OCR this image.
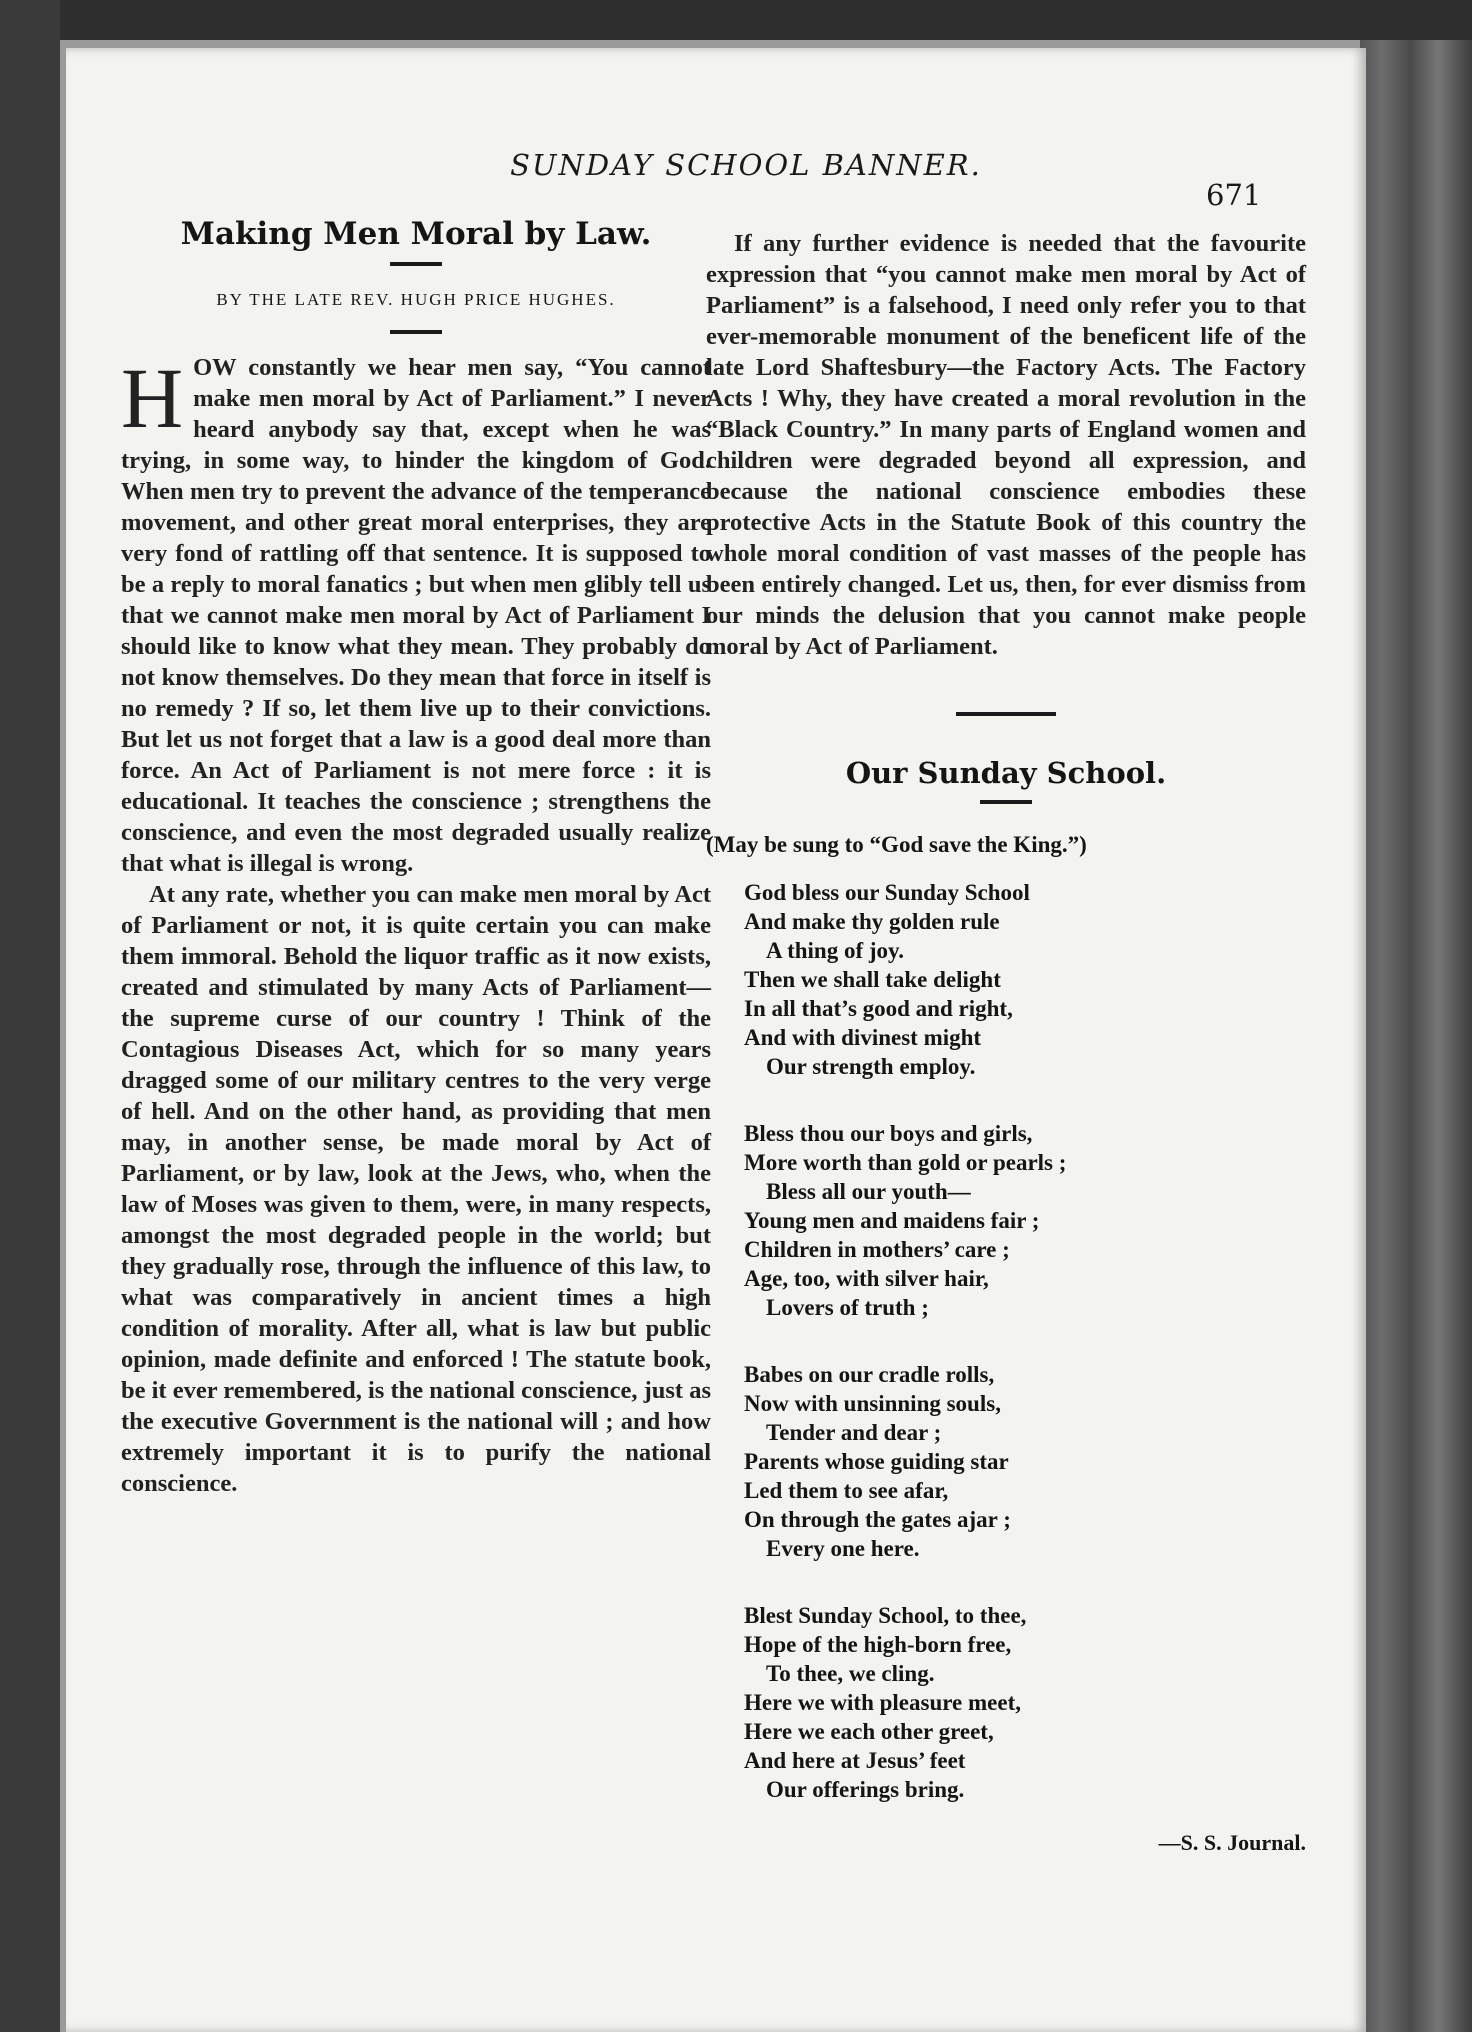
SUNDAY SCHOOL BANNER.
671
Making Men Moral by Law.
BY THE LATE REV. HUGH PRICE HUGHES.

HOW constantly we hear men say, “You cannot make men moral by Act of Parliament.” I never heard anybody say that, except when he was trying, in some way, to hinder the kingdom of God. When men try to prevent the advance of the temperance movement, and other great moral enterprises, they are very fond of rattling off that sentence. It is supposed to be a reply to moral fanatics ; but when men glibly tell us that we cannot make men moral by Act of Parliament I should like to know what they mean. They probably do not know themselves. Do they mean that force in itself is no remedy ? If so, let them live up to their convictions. But let us not forget that a law is a good deal more than force. An Act of Parliament is not mere force : it is educational. It teaches the conscience ; strengthens the conscience, and even the most degraded usually realize that what is illegal is wrong.

At any rate, whether you can make men moral by Act of Parliament or not, it is quite certain you can make them immoral. Behold the liquor traffic as it now exists, created and stimulated by many Acts of Parliament—the supreme curse of our country ! Think of the Contagious Diseases Act, which for so many years dragged some of our military centres to the very verge of hell. And on the other hand, as providing that men may, in another sense, be made moral by Act of Parliament, or by law, look at the Jews, who, when the law of Moses was given to them, were, in many respects, amongst the most degraded people in the world; but they gradually rose, through the influence of this law, to what was comparatively in ancient times a high condition of morality. After all, what is law but public opinion, made definite and enforced ! The statute book, be it ever remembered, is the national conscience, just as the executive Government is the national will ; and how extremely important it is to purify the national conscience.

If any further evidence is needed that the favourite expression that “you cannot make men moral by Act of Parliament” is a falsehood, I need only refer you to that ever-memorable monument of the beneficent life of the late Lord Shaftesbury—the Factory Acts. The Factory Acts ! Why, they have created a moral revolution in the “Black Country.” In many parts of England women and children were degraded beyond all expression, and because the national conscience embodies these protective Acts in the Statute Book of this country the whole moral condition of vast masses of the people has been entirely changed. Let us, then, for ever dismiss from our minds the delusion that you cannot make people moral by Act of Parliament.

Our Sunday School.
(May be sung to “God save the King.”)
God bless our Sunday School
And make thy golden rule
A thing of joy.
Then we shall take delight
In all that’s good and right,
And with divinest might
Our strength employ.
Bless thou our boys and girls,
More worth than gold or pearls ;
Bless all our youth—
Young men and maidens fair ;
Children in mothers’ care ;
Age, too, with silver hair,
Lovers of truth ;
Babes on our cradle rolls,
Now with unsinning souls,
Tender and dear ;
Parents whose guiding star
Led them to see afar,
On through the gates ajar ;
Every one here.
Blest Sunday School, to thee,
Hope of the high-born free,
To thee, we cling.
Here we with pleasure meet,
Here we each other greet,
And here at Jesus’ feet
Our offerings bring.
—S. S. Journal.
